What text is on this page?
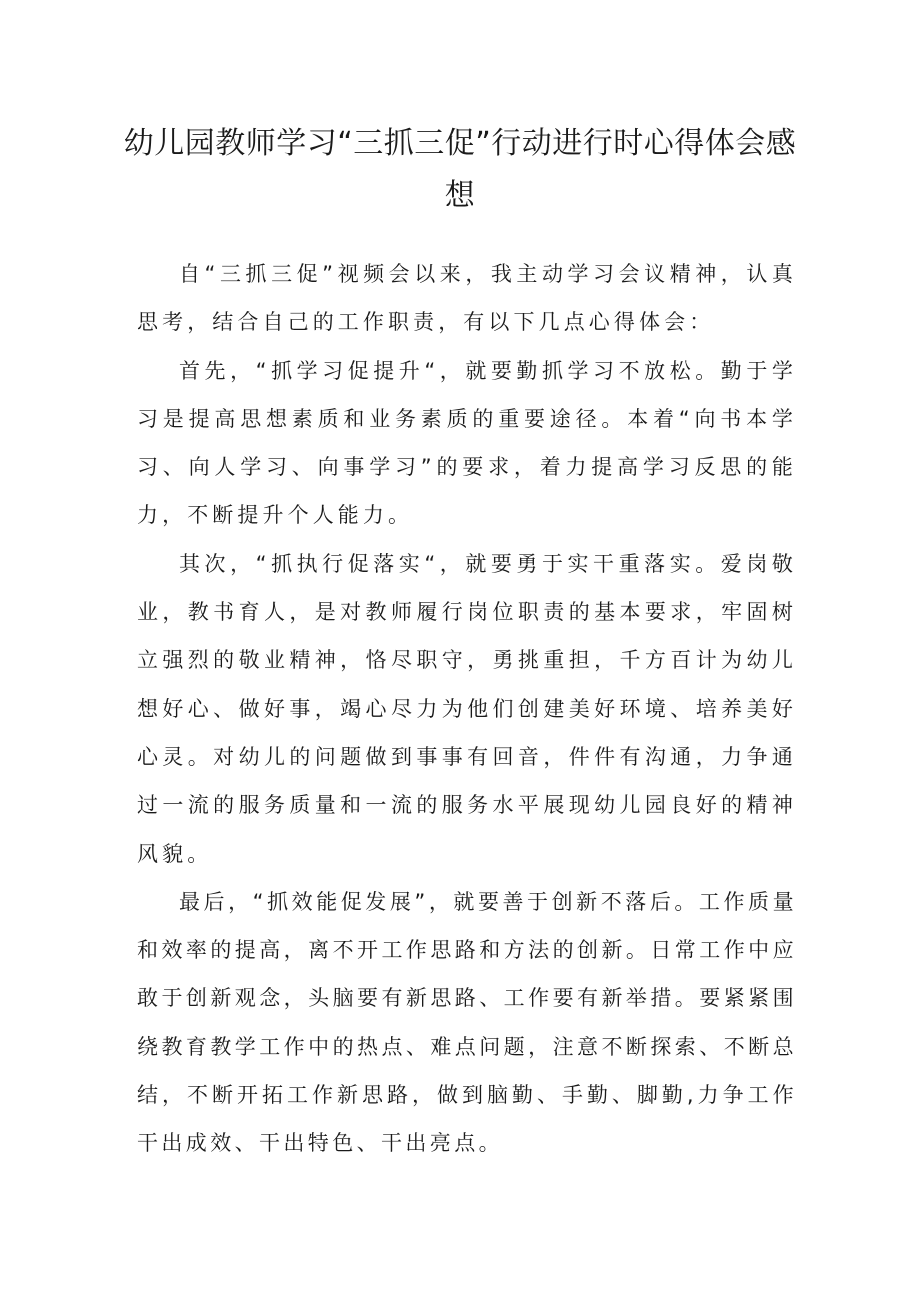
幼儿园教师学习“三抓三促”行动进行时心得体会感想

自“三抓三促”视频会以来，我主动学习会议精神，认真思考，结合自己的工作职责，有以下几点心得体会：

首先，“抓学习促提升“，就要勤抓学习不放松。勤于学习是提高思想素质和业务素质的重要途径。本着“向书本学习、向人学习、向事学习”的要求，着力提高学习反思的能力，不断提升个人能力。

其次，“抓执行促落实“，就要勇于实干重落实。爱岗敬业，教书育人，是对教师履行岗位职责的基本要求，牢固树立强烈的敬业精神，恪尽职守，勇挑重担，千方百计为幼儿想好心、做好事，竭心尽力为他们创建美好环境、培养美好心灵。对幼儿的问题做到事事有回音，件件有沟通，力争通过一流的服务质量和一流的服务水平展现幼儿园良好的精神风貌。

最后，“抓效能促发展”，就要善于创新不落后。工作质量和效率的提高，离不开工作思路和方法的创新。日常工作中应敢于创新观念，头脑要有新思路、工作要有新举措。要紧紧围绕教育教学工作中的热点、难点问题，注意不断探索、不断总结，不断开拓工作新思路，做到脑勤、手勤、脚勤,力争工作干出成效、干出特色、干出亮点。
